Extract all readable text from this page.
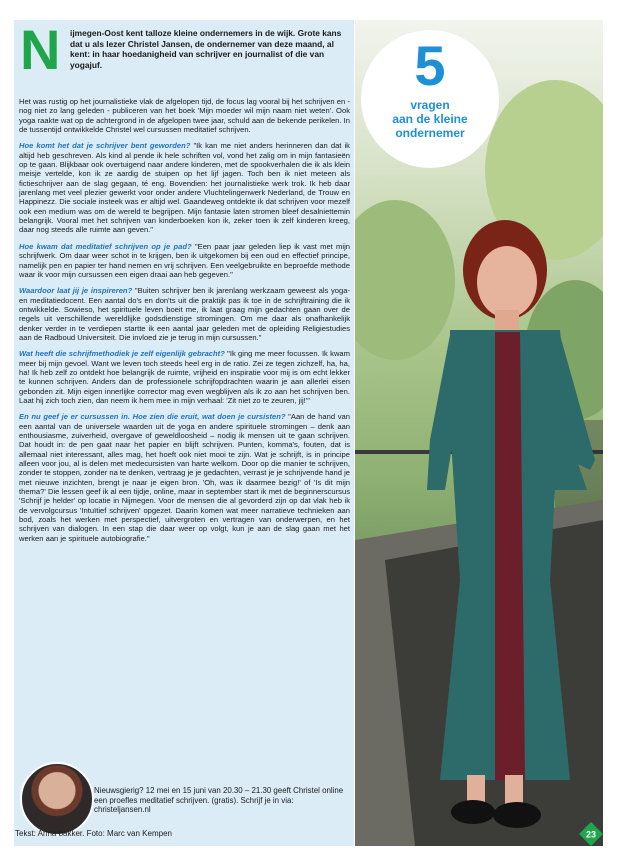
N	ijmegen-Oost kent talloze kleine ondernemers in de wijk. Grote kans dat u als lezer Christel Jansen, de ondernemer van deze maand, al kent: in haar hoedanigheid van schrijver en journalist of die van yogajuf.

Het was rustig op het journalistieke vlak de afgelopen tijd, de focus lag vooral bij het schrijven en - nog niet zo lang geleden - publiceren van het boek 'Mijn moeder wil mijn naam niet weten'. Ook yoga raakte wat op de achtergrond in de afgelopen twee jaar, schuld aan de bekende perikelen. In de tussentijd ontwikkelde Christel wel cursussen meditatief schrijven.

Hoe komt het dat je schrijver bent geworden? "Ik kan me niet anders herinneren dan dat ik altijd heb geschreven. Als kind al pende ik hele schriften vol, vond het zalig om in mijn fantasieën op te gaan. Blijkbaar ook overtuigend naar andere kinderen, met de spookverhalen die ik als klein meisje vertelde, kon ik ze aardig de stuipen op het lijf jagen. Toch ben ik niet meteen als fictieschrijver aan de slag gegaan, té eng. Bovendien: het journalistieke werk trok. Ik heb daar jarenlang met veel plezier gewerkt voor onder andere Vluchtelingenwerk Nederland, de Trouw en Happinezz. Die sociale insteek was er altijd wel. Gaandeweg ontdekte ik dat schrijven voor mezelf ook een medium was om de wereld te begrijpen. Mijn fantasie laten stromen bleef desalniettemin belangrijk. Vooral met het schrijven van kinderboeken kon ik, zeker toen ik zelf kinderen kreeg, daar nog steeds alle ruimte aan geven."

Hoe kwam dat meditatief schrijven op je pad? "Een paar jaar geleden liep ik vast met mijn schrijfwerk. Om daar weer schot in te krijgen, ben ik uitgekomen bij een oud en effectief principe, namelijk pen en papier ter hand nemen en vrij schrijven. Een veelgebruikte en beproefde methode waar ik voor mijn cursussen een eigen draai aan heb gegeven."

Waardoor laat jij je inspireren? "Buiten schrijver ben ik jarenlang werkzaam geweest als yoga- en meditatiedocent. Een aantal do's en don'ts uit die praktijk pas ik toe in de schrijftraining die ik ontwikkelde. Sowieso, het spirituele leven boeit me, ik laat graag mijn gedachten gaan over de regels uit verschillende wereldlijke godsdienstige stromingen. Om me daar als onafhankelijk denker verder in te verdiepen startte ik een aantal jaar geleden met de opleiding Religiestudies aan de Radboud Universiteit. Die invloed zie je terug in mijn cursussen."

Wat heeft die schrijfmethodiek je zelf eigenlijk gebracht? "Ik ging me meer focussen. Ik kwam meer bij mijn gevoel. Want we leven toch steeds heel erg in de ratio. Zei ze tegen zichzelf, ha, ha, ha! Ik heb zelf zo ontdekt hoe belangrijk de ruimte, vrijheid en inspiratie voor mij is om echt lekker te kunnen schrijven. Anders dan de professionele schrijfopdrachten waarin je aan allerlei eisen gebonden zit. Mijn eigen innerlijke corrector mag even wegblijven als ik zo aan het schrijven ben. Laat hij zich toch zien, dan neem ik hem mee in mijn verhaal: 'Zit niet zo te zeuren, jij!'"

En nu geef je er cursussen in. Hoe zien die eruit, wat doen je cursisten? "Aan de hand van een aantal van de universele waarden uit de yoga en andere spirituele stromingen – denk aan enthousiasme, zuiverheid, overgave of geweldloosheid – nodig ik mensen uit te gaan schrijven. Dat houdt in: de pen gaat naar het papier en blijft schrijven. Punten, komma's, fouten, dat is allemaal niet interessant, alles mag, het hoeft ook niet mooi te zijn. Wat je schrijft, is in principe alleen voor jou, al is delen met medecursisten van harte welkom. Door op die manier te schrijven, zonder te stoppen, zonder na te denken, vertraag je je gedachten, verrast je je schrijvende hand je met nieuwe inzichten, brengt je naar je eigen bron. 'Oh, was ik daarmee bezig!' of 'Is dit mijn thema?' Die lessen geef ik al een tijdje, online, maar in september start ik met de beginnerscursus 'Schrijf je helder' op locatie in Nijmegen. Voor de mensen die al gevorderd zijn op dat vlak heb ik de vervolgcursus 'Intuïtief schrijven' opgezet. Daarin komen wat meer narratieve technieken aan bod, zoals het werken met perspectief, uitvergroten en vertragen van onderwerpen, en het schrijven van dialogen. In een stap die daar weer op volgt, kun je aan de slag gaan met het werken aan je spirituele autobiografie."

Nieuwsgierig? 12 mei en 15 juni van 20.30 – 21.30 geeft Christel online een proefles meditatief schrijven. (gratis). Schrijf je in via: christeljansen.nl
Tekst: Anna bakker. Foto: Marc van Kempen
5
vragen
aan de kleine
ondernemer
23
